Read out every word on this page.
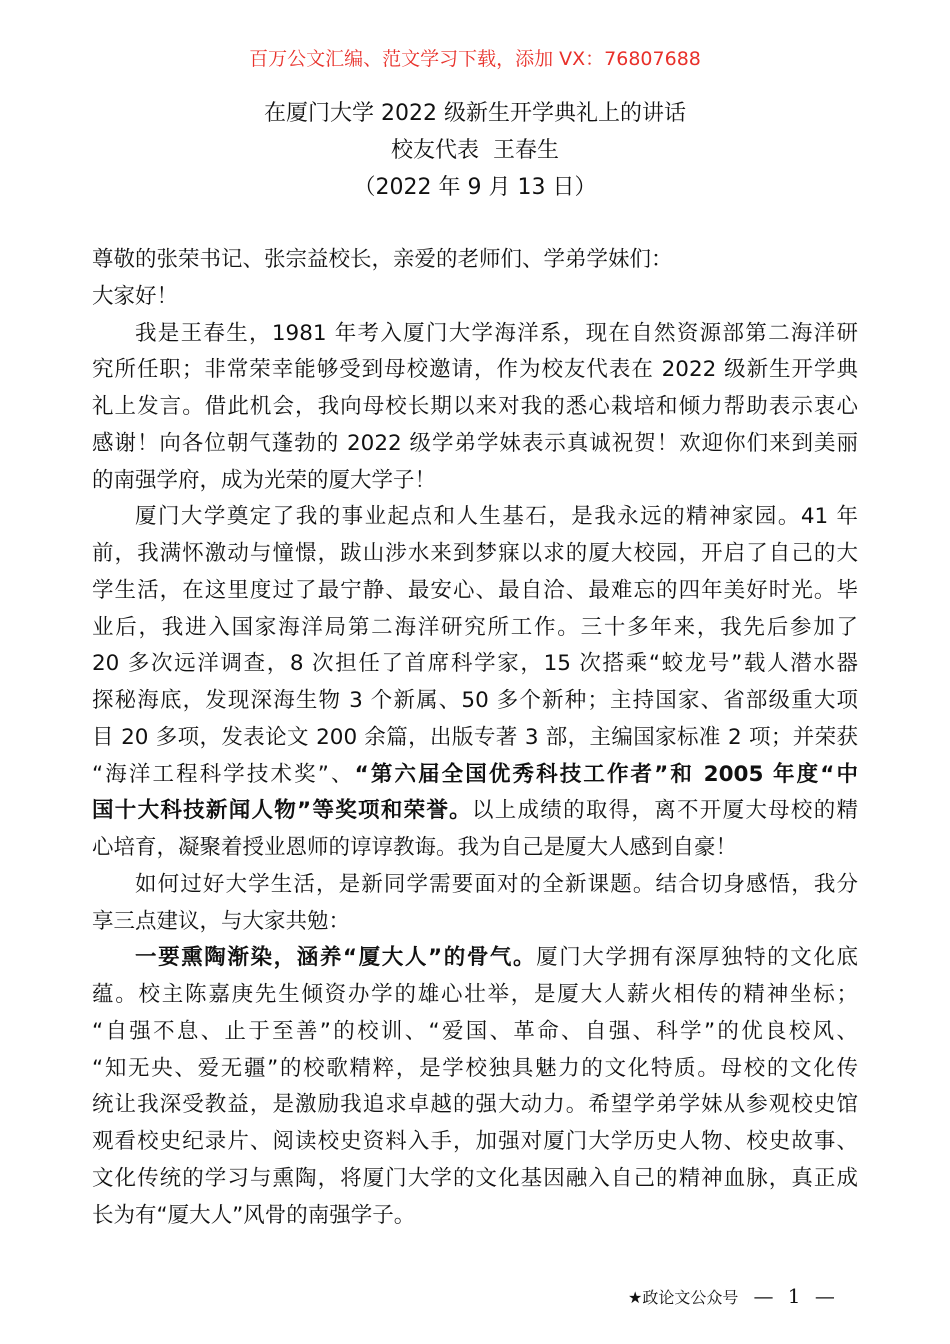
百万公文汇编、范文学习下载，添加 VX：76807688
在厦门大学 2022 级新生开学典礼上的讲话
校友代表  王春生
（2022 年 9 月 13 日）
尊敬的张荣书记、张宗益校长，亲爱的老师们、学弟学妹们：
大家好！
我是王春生，1981 年考入厦门大学海洋系，现在自然资源部第二海洋研
究所任职；非常荣幸能够受到母校邀请，作为校友代表在 2022 级新生开学典
礼上发言。借此机会，我向母校长期以来对我的悉心栽培和倾力帮助表示衷心
感谢！向各位朝气蓬勃的 2022 级学弟学妹表示真诚祝贺！欢迎你们来到美丽
的南强学府，成为光荣的厦大学子！
厦门大学奠定了我的事业起点和人生基石，是我永远的精神家园。41 年
前，我满怀激动与憧憬，跋山涉水来到梦寐以求的厦大校园，开启了自己的大
学生活，在这里度过了最宁静、最安心、最自洽、最难忘的四年美好时光。毕
业后，我进入国家海洋局第二海洋研究所工作。三十多年来，我先后参加了
20 多次远洋调查，8 次担任了首席科学家，15 次搭乘“蛟龙号”载人潜水器
探秘海底，发现深海生物 3 个新属、50 多个新种；主持国家、省部级重大项
目 20 多项，发表论文 200 余篇，出版专著 3 部，主编国家标准 2 项；并荣获
“海洋工程科学技术奖”、“第六届全国优秀科技工作者”和 2005 年度“中
国十大科技新闻人物”等奖项和荣誉。以上成绩的取得，离不开厦大母校的精
心培育，凝聚着授业恩师的谆谆教诲。我为自己是厦大人感到自豪！
如何过好大学生活，是新同学需要面对的全新课题。结合切身感悟，我分
享三点建议，与大家共勉：
一要熏陶渐染，涵养“厦大人”的骨气。厦门大学拥有深厚独特的文化底
蕴。校主陈嘉庚先生倾资办学的雄心壮举，是厦大人薪火相传的精神坐标；
“自强不息、止于至善”的校训、“爱国、革命、自强、科学”的优良校风、
“知无央、爱无疆”的校歌精粹，是学校独具魅力的文化特质。母校的文化传
统让我深受教益，是激励我追求卓越的强大动力。希望学弟学妹从参观校史馆
观看校史纪录片、阅读校史资料入手，加强对厦门大学历史人物、校史故事、
文化传统的学习与熏陶，将厦门大学的文化基因融入自己的精神血脉，真正成
长为有“厦大人”风骨的南强学子。
★政论文公众号 — 1 —
